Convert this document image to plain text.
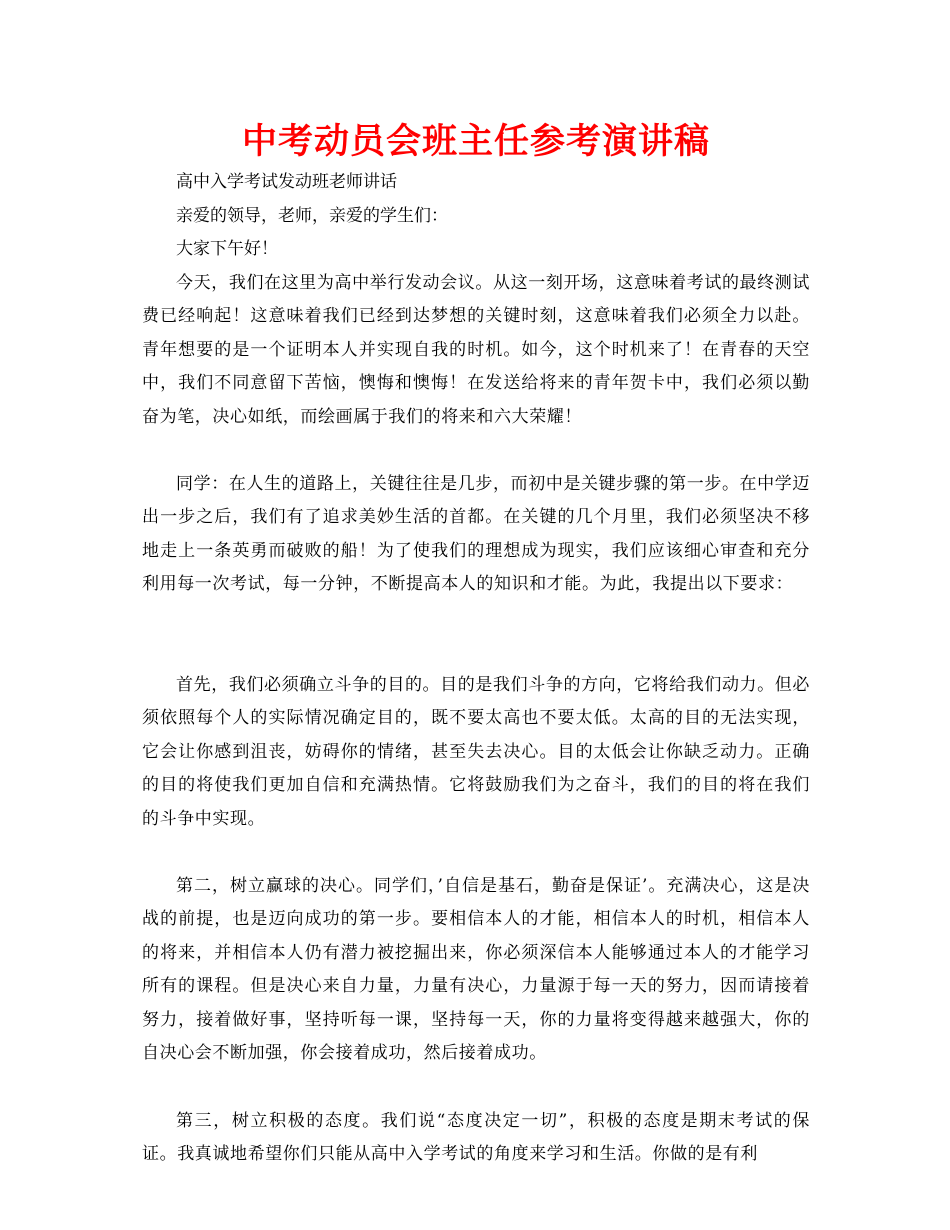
中考动员会班主任参考演讲稿

高中入学考试发动班老师讲话

亲爱的领导，老师，亲爱的学生们：

大家下午好！

今天，我们在这里为高中举行发动会议。从这一刻开场，这意味着考试的最终测试费已经响起！这意味着我们已经到达梦想的关键时刻，这意味着我们必须全力以赴。青年想要的是一个证明本人并实现自我的时机。如今，这个时机来了！在青春的天空中，我们不同意留下苦恼，懊悔和懊悔！在发送给将来的青年贺卡中，我们必须以勤奋为笔，决心如纸，而绘画属于我们的将来和六大荣耀！

同学：在人生的道路上，关键往往是几步，而初中是关键步骤的第一步。在中学迈出一步之后，我们有了追求美妙生活的首都。在关键的几个月里，我们必须坚决不移地走上一条英勇而破败的船！为了使我们的理想成为现实，我们应该细心审查和充分利用每一次考试，每一分钟，不断提高本人的知识和才能。为此，我提出以下要求：

首先，我们必须确立斗争的目的。目的是我们斗争的方向，它将给我们动力。但必须依照每个人的实际情况确定目的，既不要太高也不要太低。太高的目的无法实现，它会让你感到沮丧，妨碍你的情绪，甚至失去决心。目的太低会让你缺乏动力。正确的目的将使我们更加自信和充满热情。它将鼓励我们为之奋斗，我们的目的将在我们的斗争中实现。

第二，树立赢球的决心。同学们，’自信是基石，勤奋是保证’。充满决心，这是决战的前提，也是迈向成功的第一步。要相信本人的才能，相信本人的时机，相信本人的将来，并相信本人仍有潜力被挖掘出来，你必须深信本人能够通过本人的才能学习所有的课程。但是决心来自力量，力量有决心，力量源于每一天的努力，因而请接着努力，接着做好事，坚持听每一课，坚持每一天，你的力量将变得越来越强大，你的自决心会不断加强，你会接着成功，然后接着成功。

第三，树立积极的态度。我们说“态度决定一切”，积极的态度是期末考试的保证。我真诚地希望你们只能从高中入学考试的角度来学习和生活。你做的是有利
